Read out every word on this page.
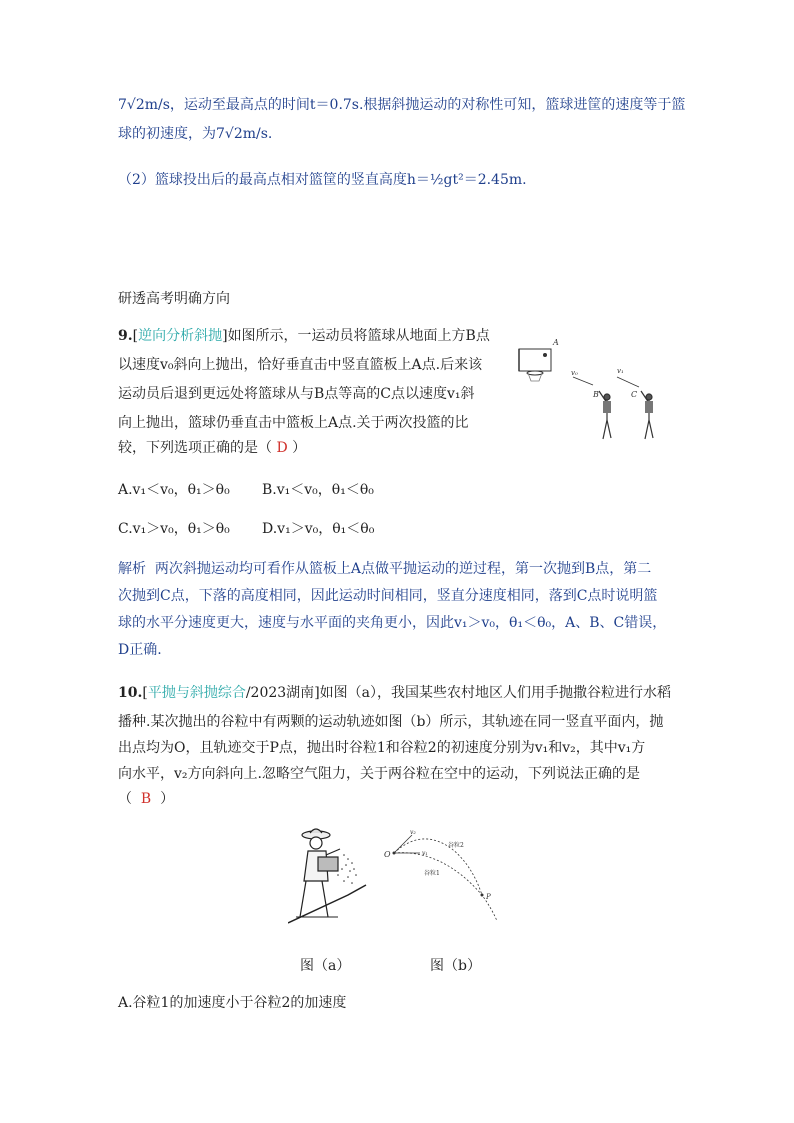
7√2m/s，运动至最高点的时间t＝0.7s.根据斜抛运动的对称性可知，篮球进筐的速度等于篮
球的初速度，为7√2m/s.
（2）篮球投出后的最高点相对篮筐的竖直高度h＝½gt²＝2.45m.
研透高考明确方向
9.[逆向分析斜抛]如图所示，一运动员将篮球从地面上方B点
以速度v₀斜向上抛出，恰好垂直击中竖直篮板上A点.后来该
运动员后退到更远处将篮球从与B点等高的C点以速度v₁斜
向上抛出，篮球仍垂直击中篮板上A点.关于两次投篮的比
较，下列选项正确的是（ D ）
A
v₀	v₁
B	C
A.v₁＜v₀，θ₁＞θ₀ B.v₁＜v₀，θ₁＜θ₀
C.v₁＞v₀，θ₁＞θ₀ D.v₁＞v₀，θ₁＜θ₀
解析 两次斜抛运动均可看作从篮板上A点做平抛运动的逆过程，第一次抛到B点，第二
次抛到C点，下落的高度相同，因此运动时间相同，竖直分速度相同，落到C点时说明篮
球的水平分速度更大，速度与水平面的夹角更小，因此v₁＞v₀，θ₁＜θ₀，A、B、C错误，
D正确.
10.[平抛与斜抛综合/2023湖南]如图（a），我国某些农村地区人们用手抛撒谷粒进行水稻
播种.某次抛出的谷粒中有两颗的运动轨迹如图（b）所示，其轨迹在同一竖直平面内，抛
出点均为O，且轨迹交于P点，抛出时谷粒1和谷粒2的初速度分别为v₁和v₂，其中v₁方
向水平，v₂方向斜向上.忽略空气阻力，关于两谷粒在空中的运动，下列说法正确的是
（ B ）
O
P
v₁
v₂
谷粒2
谷粒1
图（a）	图（b）
A.谷粒1的加速度小于谷粒2的加速度
